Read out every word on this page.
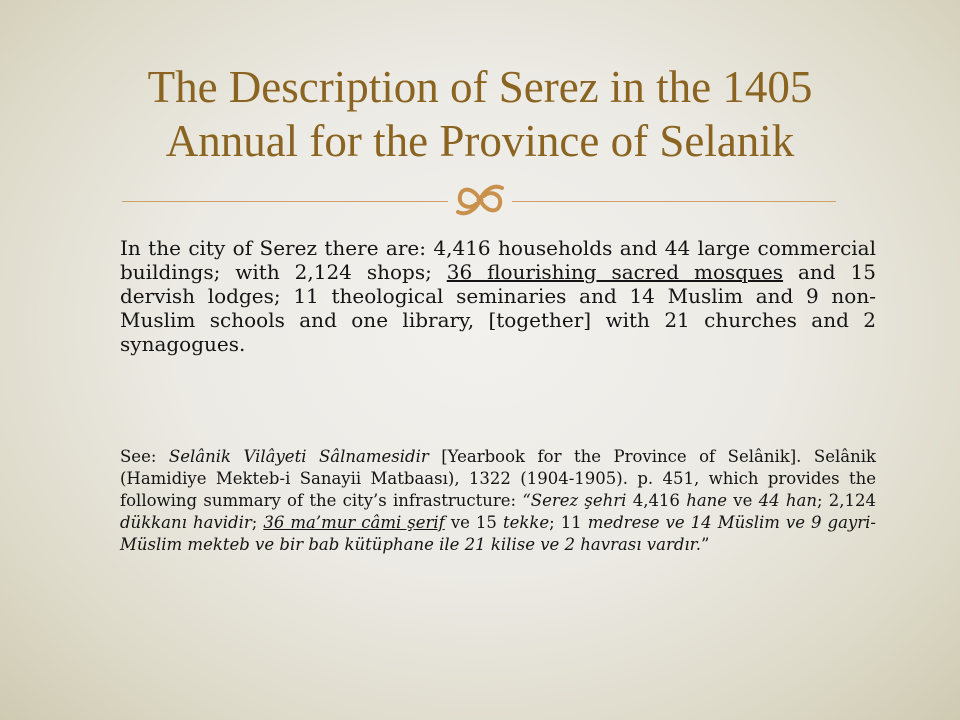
The Description of Serez in the 1405
Annual for the Province of Selanik

In the city of Serez there are: 4,416 households and 44 large commercial buildings; with 2,124 shops; 36 flourishing sacred mosques and 15 dervish lodges; 11 theological seminaries and 14 Muslim and 9 non-Muslim schools and one library, [together] with 21 churches and 2 synagogues.

See: Selânik Vilâyeti Sâlnamesidir [Yearbook for the Province of Selânik]. Selânik (Hamidiye Mekteb-i Sanayii Matbaası), 1322 (1904-1905). p. 451, which provides the following summary of the city’s infrastructure: “Serez şehri 4,416 hane ve 44 han; 2,124 dükkanı havidir; 36 ma’mur câmi şerif ve 15 tekke; 11 medrese ve 14 Müslim ve 9 gayri-Müslim mekteb ve bir bab kütüphane ile 21 kilise ve 2 havrası vardır.”
